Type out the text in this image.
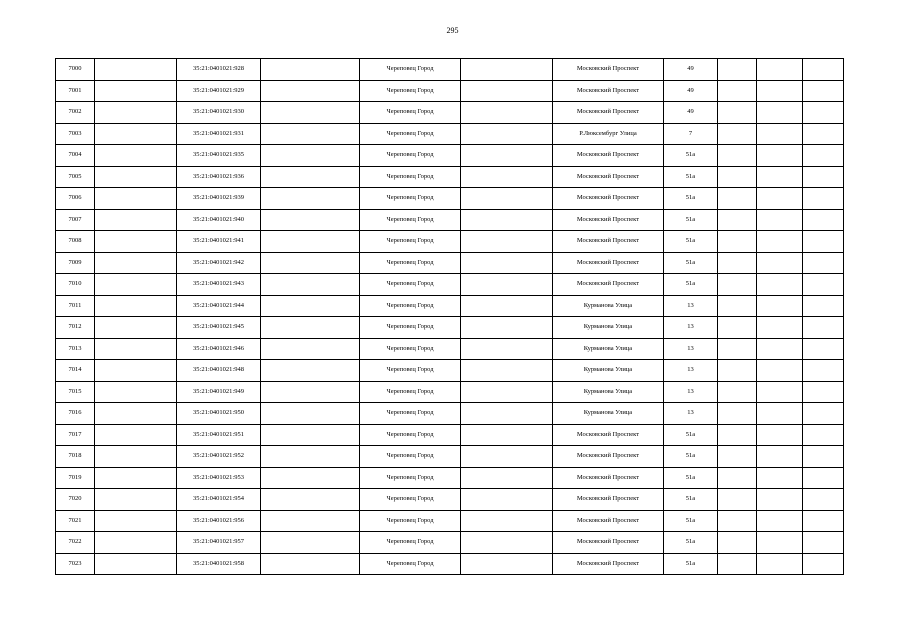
295
7000		35:21:0401021:928		Череповец Город		Московский Проспект	49			
7001		35:21:0401021:929		Череповец Город		Московский Проспект	49			
7002		35:21:0401021:930		Череповец Город		Московский Проспект	49			
7003		35:21:0401021:931		Череповец Город		Р.Люксембург Улица	7			
7004		35:21:0401021:935		Череповец Город		Московский Проспект	51а			
7005		35:21:0401021:936		Череповец Город		Московский Проспект	51а			
7006		35:21:0401021:939		Череповец Город		Московский Проспект	51а			
7007		35:21:0401021:940		Череповец Город		Московский Проспект	51а			
7008		35:21:0401021:941		Череповец Город		Московский Проспект	51а			
7009		35:21:0401021:942		Череповец Город		Московский Проспект	51а			
7010		35:21:0401021:943		Череповец Город		Московский Проспект	51а			
7011		35:21:0401021:944		Череповец Город		Курманова Улица	13			
7012		35:21:0401021:945		Череповец Город		Курманова Улица	13			
7013		35:21:0401021:946		Череповец Город		Курманова Улица	13			
7014		35:21:0401021:948		Череповец Город		Курманова Улица	13			
7015		35:21:0401021:949		Череповец Город		Курманова Улица	13			
7016		35:21:0401021:950		Череповец Город		Курманова Улица	13			
7017		35:21:0401021:951		Череповец Город		Московский Проспект	51а			
7018		35:21:0401021:952		Череповец Город		Московский Проспект	51а			
7019		35:21:0401021:953		Череповец Город		Московский Проспект	51а			
7020		35:21:0401021:954		Череповец Город		Московский Проспект	51а			
7021		35:21:0401021:956		Череповец Город		Московский Проспект	51а			
7022		35:21:0401021:957		Череповец Город		Московский Проспект	51а			
7023		35:21:0401021:958		Череповец Город		Московский Проспект	51а			
